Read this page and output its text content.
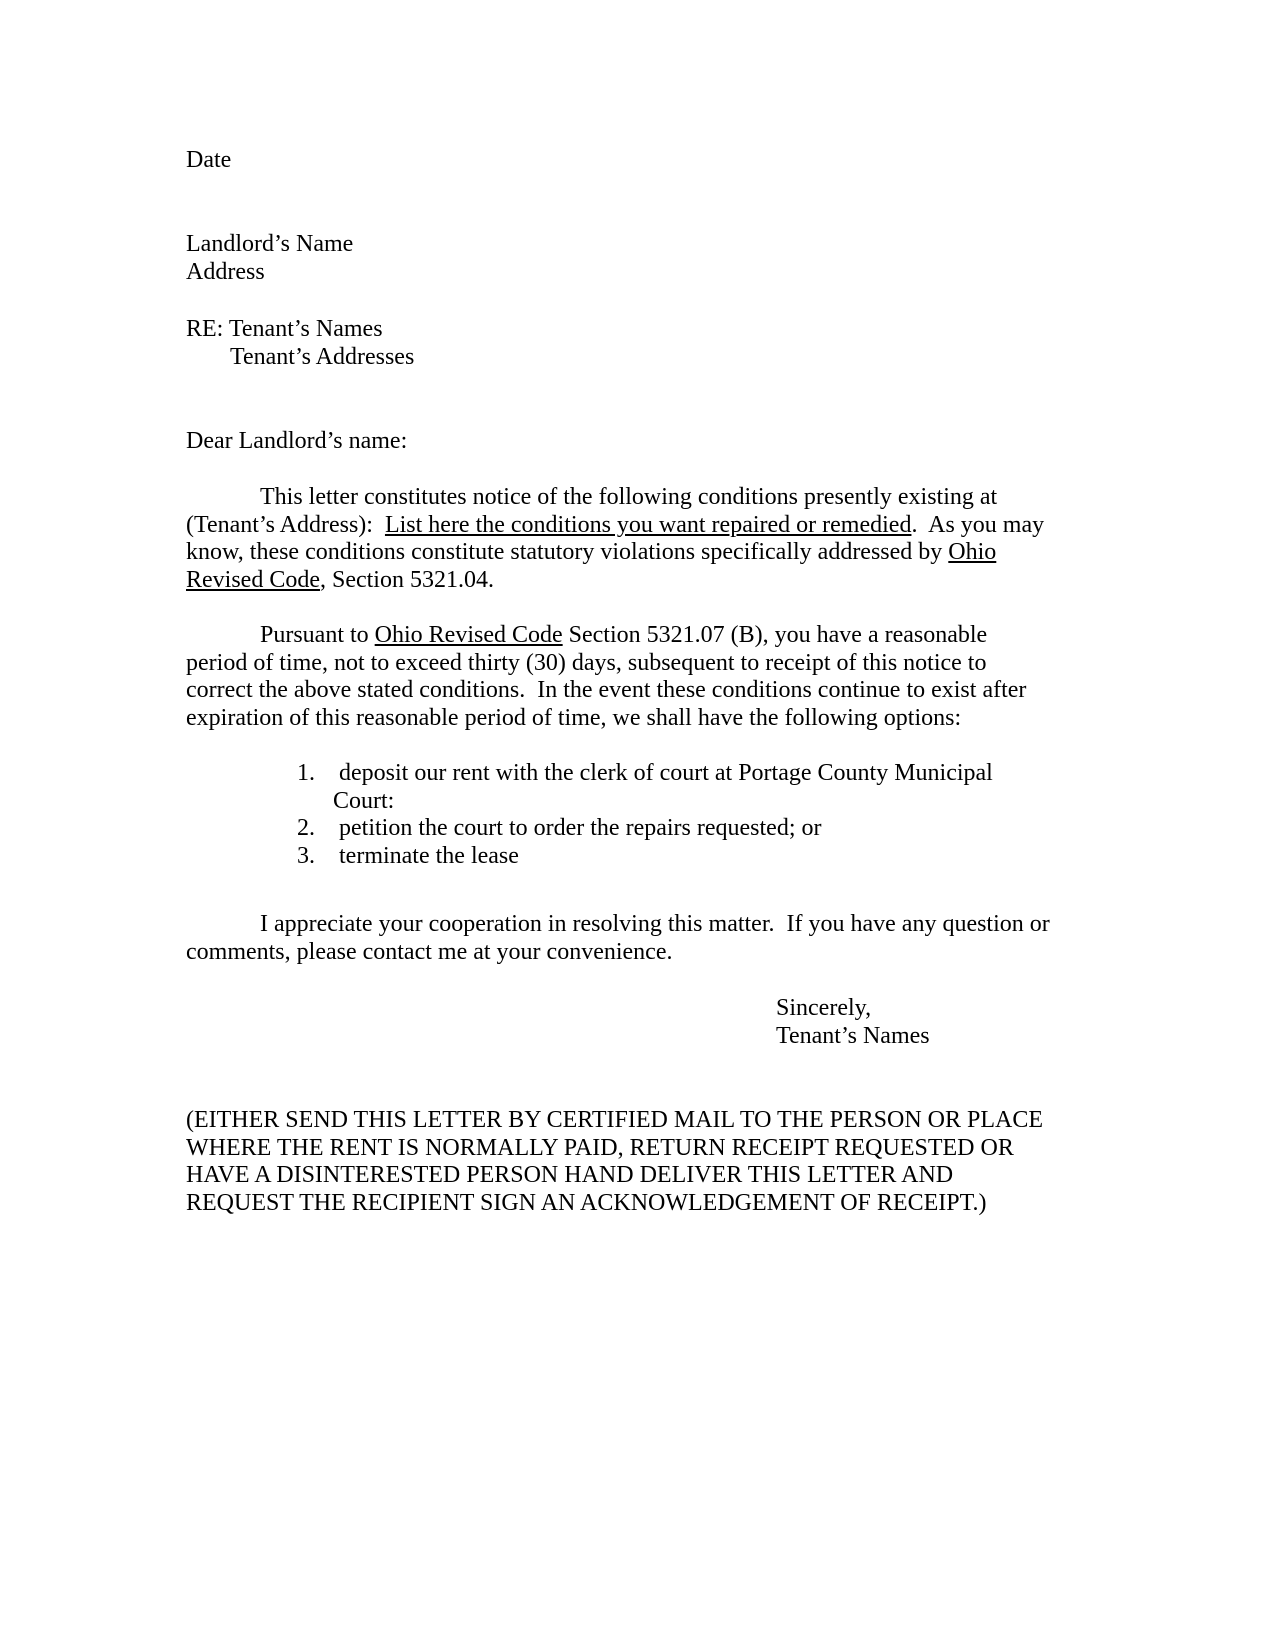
Date
Landlord’s Name
Address
RE: Tenant’s Names
Tenant’s Addresses
Dear Landlord’s name:
This letter constitutes notice of the following conditions presently existing at
(Tenant’s Address): List here the conditions you want repaired or remedied.  As you may
know, these conditions constitute statutory violations specifically addressed by Ohio
Revised Code, Section 5321.04.
Pursuant to Ohio Revised Code Section 5321.07 (B), you have a reasonable
period of time, not to exceed thirty (30) days, subsequent to receipt of this notice to
correct the above stated conditions.  In the event these conditions continue to exist after
expiration of this reasonable period of time, we shall have the following options:
1. deposit our rent with the clerk of court at Portage County Municipal
Court:
2. petition the court to order the repairs requested; or
3. terminate the lease
I appreciate your cooperation in resolving this matter.  If you have any question or
comments, please contact me at your convenience.
Sincerely,
Tenant’s Names
(EITHER SEND THIS LETTER BY CERTIFIED MAIL TO THE PERSON OR PLACE
WHERE THE RENT IS NORMALLY PAID, RETURN RECEIPT REQUESTED OR
HAVE A DISINTERESTED PERSON HAND DELIVER THIS LETTER AND
REQUEST THE RECIPIENT SIGN AN ACKNOWLEDGEMENT OF RECEIPT.)
